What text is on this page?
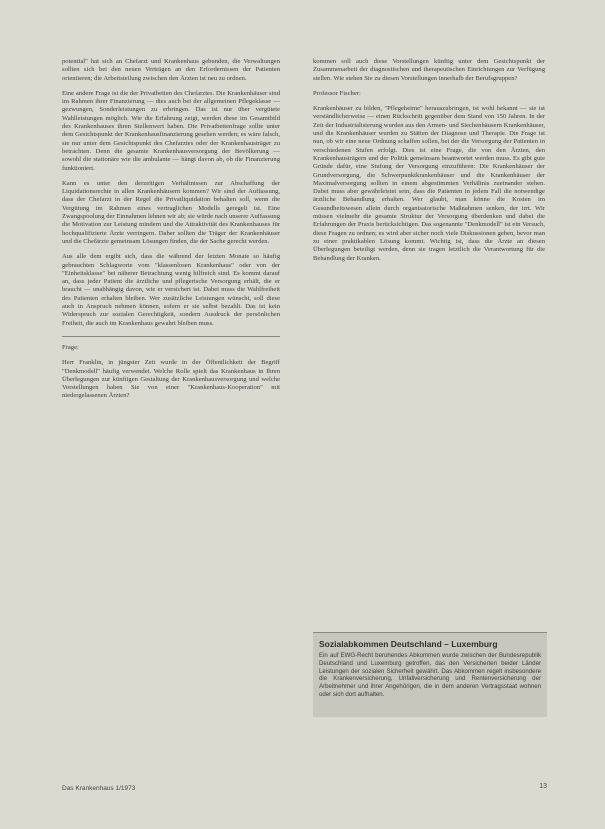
potential" hat sich an Chefarzt und Krankenhaus gebunden, die Verwaltungen sollten sich bei den neuen Verträgen an den Erfordernissen der Patienten orientieren; die Arbeitsteilung zwischen den Ärzten ist neu zu ordnen.

Eine andere Frage ist die der Privatbetten des Chefarztes. Die Krankenhäuser sind im Rahmen ihrer Finanzierung — dies auch bei der allgemeinen Pflegeklasse — gezwungen, Sonderleistungen zu erbringen. Das ist nur über vergütete Wahlleistungen möglich. Wie die Erfahrung zeigt, werden diese im Gesamtbild des Krankenhauses ihren Stellenwert haben. Die Privatbettenfrage sollte unter dem Gesichtspunkt der Krankenhausfinanzierung gesehen werden; es wäre falsch, sie nur unter dem Gesichtspunkt des Chefarztes oder der Krankenhausträger zu betrachten. Denn die gesamte Krankenhausversorgung der Bevölkerung — sowohl die stationäre wie die ambulante — hängt davon ab, ob die Finanzierung funktioniert.

Kann es unter den derzeitigen Verhältnissen zur Abschaffung der Liquidationsrechte in allen Krankenhäusern kommen? Wir sind der Auffassung, dass der Chefarzt in der Regel die Privatliquidation behalten soll, wenn die Vergütung im Rahmen eines vertraglichen Modells geregelt ist. Eine Zwangspoolung der Einnahmen lehnen wir ab; sie würde nach unserer Auffassung die Motivation zur Leistung mindern und die Attraktivität des Krankenhauses für hochqualifizierte Ärzte verringern. Daher sollten die Träger der Krankenhäuser und die Chefärzte gemeinsam Lösungen finden, die der Sache gerecht werden.

Aus alle dem ergibt sich, dass die während der letzten Monate so häufig gebrauchten Schlagworte vom "klassenlosen Krankenhaus" oder von der "Einheitsklasse" bei näherer Betrachtung wenig hilfreich sind. Es kommt darauf an, dass jeder Patient die ärztliche und pflegerische Versorgung erhält, die er braucht — unabhängig davon, wie er versichert ist. Dabei muss die Wahlfreiheit des Patienten erhalten bleiben. Wer zusätzliche Leistungen wünscht, soll diese auch in Anspruch nehmen können, sofern er sie selbst bezahlt. Das ist kein Widerspruch zur sozialen Gerechtigkeit, sondern Ausdruck der persönlichen Freiheit, die auch im Krankenhaus gewahrt bleiben muss.

Frage:

Herr Franklin, in jüngster Zeit wurde in der Öffentlichkeit der Begriff "Denkmodell" häufig verwendet. Welche Rolle spielt das Krankenhaus in Ihren Überlegungen zur künftigen Gestaltung der Krankenhausversorgung und welche Vorstellungen haben Sie von einer "Krankenhaus-Kooperation" mit niedergelassenen Ärzten?

kommen soll auch diese Vorstellungen künftig unter dem Gesichtspunkt der Zusammenarbeit der diagnostischen und therapeutischen Einrichtungen zur Verfügung stellen. Wie stehen Sie zu diesen Vorstellungen innerhalb der Berufsgruppen?

Professor Fischer:

Krankenhäuser zu bilden, "Pflegeheime" herauszubringen, ist wohl bekannt — sie ist verständlicherweise — einen Rückschritt gegenüber dem Stand von 150 Jahren. In der Zeit der Industrialisierung wurden aus den Armen- und Siechenhäusern Krankenhäuser, und die Krankenhäuser wurden zu Stätten der Diagnose und Therapie. Die Frage ist nun, ob wir eine neue Ordnung schaffen sollen, bei der die Versorgung der Patienten in verschiedenen Stufen erfolgt. Dies ist eine Frage, die von den Ärzten, den Krankenhausträgern und der Politik gemeinsam beantwortet werden muss. Es gibt gute Gründe dafür, eine Stufung der Versorgung einzuführen: Die Krankenhäuser der Grundversorgung, die Schwerpunktkrankenhäuser und die Krankenhäuser der Maximalversorgung sollten in einem abgestimmten Verhältnis zueinander stehen. Dabei muss aber gewährleistet sein, dass die Patienten in jedem Fall die notwendige ärztliche Behandlung erhalten. Wer glaubt, man könne die Kosten im Gesundheitswesen allein durch organisatorische Maßnahmen senken, der irrt. Wir müssen vielmehr die gesamte Struktur der Versorgung überdenken und dabei die Erfahrungen der Praxis berücksichtigen. Das sogenannte "Denkmodell" ist ein Versuch, diese Fragen zu ordnen; es wird aber sicher noch viele Diskussionen geben, bevor man zu einer praktikablen Lösung kommt. Wichtig ist, dass die Ärzte an diesen Überlegungen beteiligt werden, denn sie tragen letztlich die Verantwortung für die Behandlung der Kranken.

Sozialabkommen Deutschland – Luxemburg

Ein auf EWG-Recht beruhendes Abkommen wurde zwischen der Bundesrepublik Deutschland und Luxemburg getroffen, das den Versicherten beider Länder Leistungen der sozialen Sicherheit gewährt. Das Abkommen regelt insbesondere die Krankenversicherung, Unfallversicherung und Rentenversicherung der Arbeitnehmer und ihrer Angehörigen, die in dem anderen Vertragsstaat wohnen oder sich dort aufhalten.

Das Krankenhaus 1/1973	13
